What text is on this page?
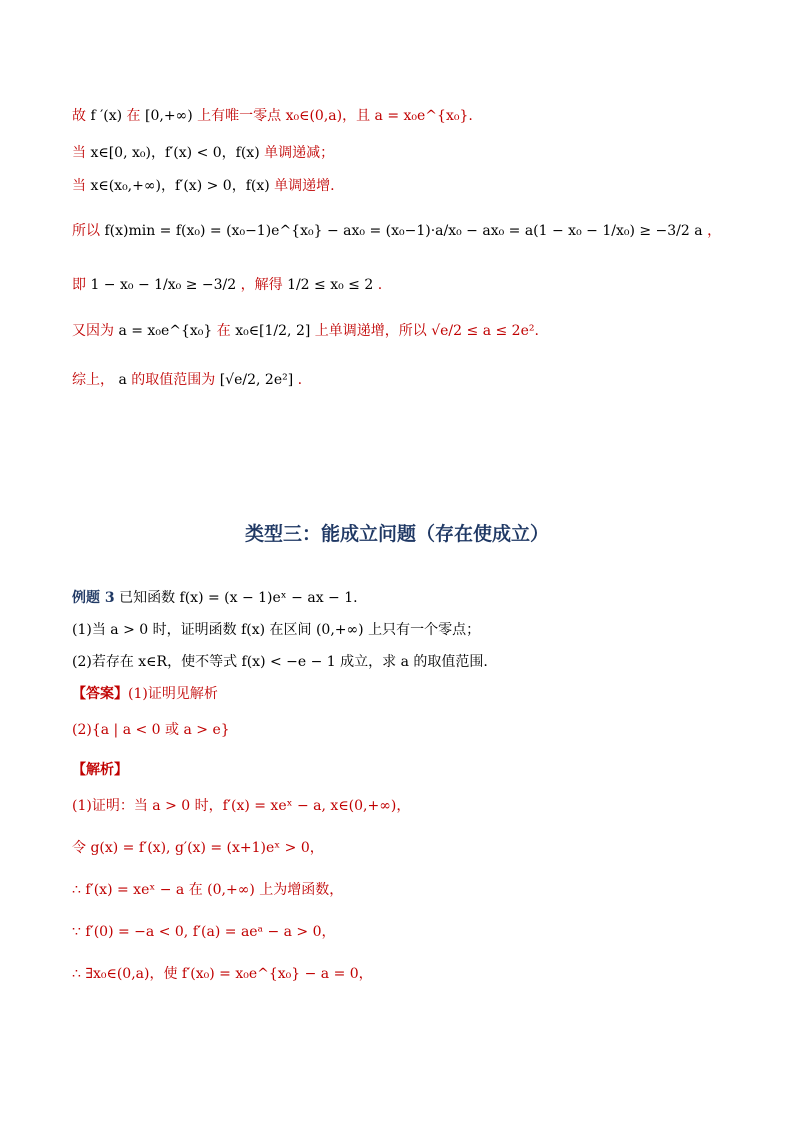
故 f ′(x) 在 [0,+∞) 上有唯一零点 x₀∈(0,a)，且 a = x₀e^{x₀}.
当 x∈[0, x₀)，f′(x) < 0，f(x) 单调递减；
当 x∈(x₀,+∞)，f′(x) > 0，f(x) 单调递增.
所以 f(x)min = f(x₀) = (x₀−1)e^{x₀} − ax₀ = (x₀−1)·a/x₀ − ax₀ = a(1 − x₀ − 1/x₀) ≥ −3/2 a ，
即 1 − x₀ − 1/x₀ ≥ −3/2 ，解得 1/2 ≤ x₀ ≤ 2 .
又因为 a = x₀e^{x₀} 在 x₀∈[1/2, 2] 上单调递增，所以 √e/2 ≤ a ≤ 2e².
综上， a 的取值范围为 [√e/2, 2e²] .
类型三：能成立问题（存在使成立）
例题 3 已知函数 f(x) = (x − 1)eˣ − ax − 1.
(1)当 a > 0 时，证明函数 f(x) 在区间 (0,+∞) 上只有一个零点；
(2)若存在 x∈R，使不等式 f(x) < −e − 1 成立，求 a 的取值范围.
【答案】(1)证明见解析
(2){a | a < 0 或 a > e}
【解析】
(1)证明：当 a > 0 时，f′(x) = xeˣ − a, x∈(0,+∞)，
令 g(x) = f′(x), g′(x) = (x+1)eˣ > 0，
∴ f′(x) = xeˣ − a 在 (0,+∞) 上为增函数，
∵ f′(0) = −a < 0, f′(a) = aeᵃ − a > 0，
∴ ∃x₀∈(0,a)，使 f′(x₀) = x₀e^{x₀} − a = 0，
